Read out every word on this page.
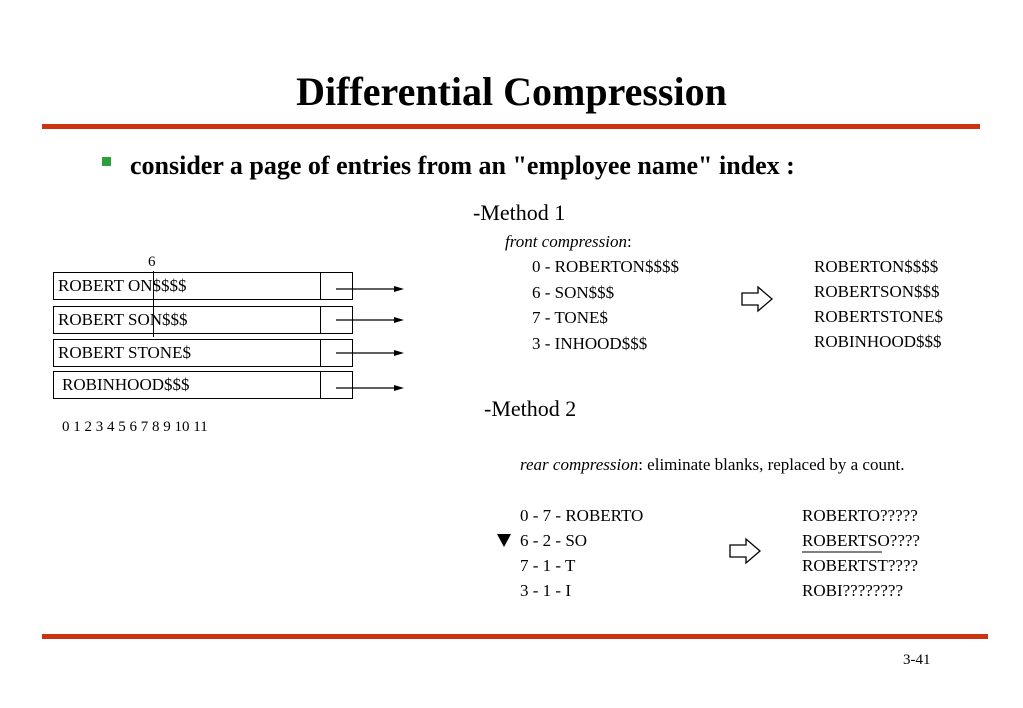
Differential Compression
consider a page of entries from an "employee name" index :
6
ROBERT ON$$$$
ROBERT SON$$$
ROBERT STONE$
ROBINHOOD$$$
0 1 2 3 4 5 6 7 8 9 10 11
-Method 1
front compression:
0 - ROBERTON$$$$
6 - SON$$$
7 - TONE$
3 - INHOOD$$$
ROBERTON$$$$
ROBERTSON$$$
ROBERTSTONE$
ROBINHOOD$$$
-Method 2
rear compression: eliminate blanks, replaced by a count.
0 - 7 - ROBERTO
6 - 2 - SO
7 - 1 - T
3 - 1 - I
ROBERTO?????
ROBERTSO????
ROBERTST????
ROBI????????
3-41
